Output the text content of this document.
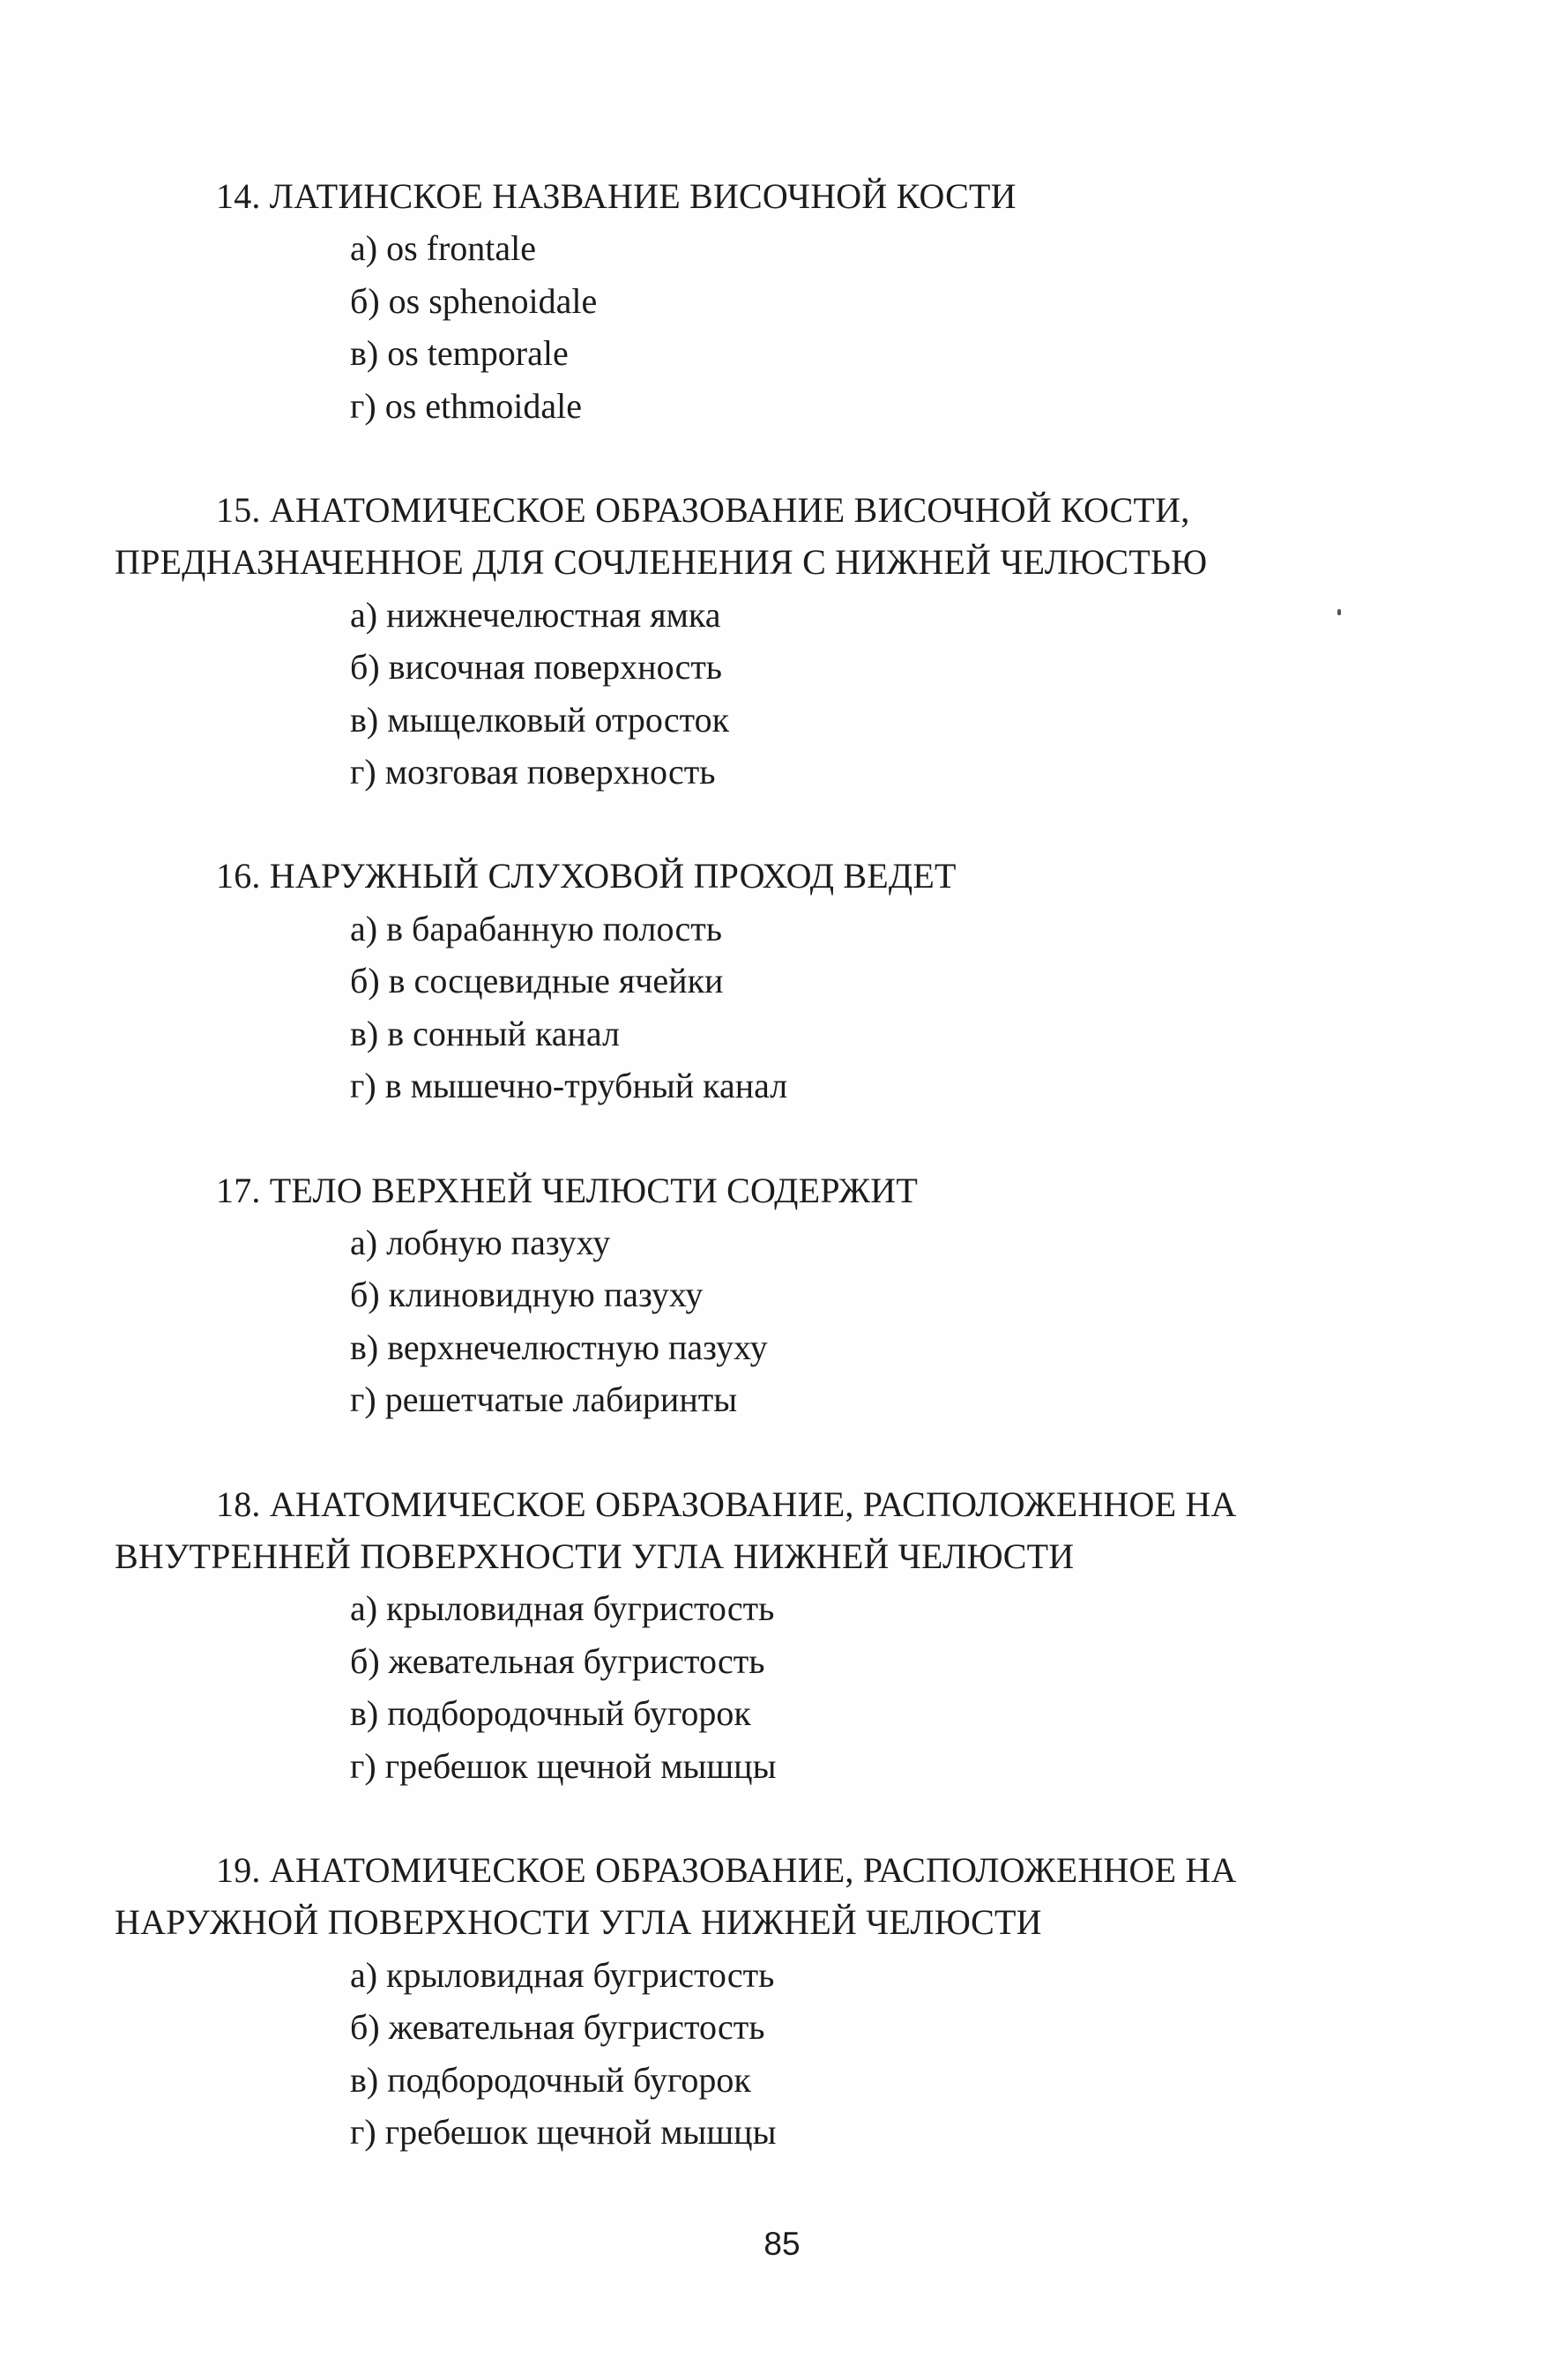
14. ЛАТИНСКОЕ НАЗВАНИЕ ВИСОЧНОЙ КОСТИ

а) os frontale
б) os sphenoidale
в) os temporale
г) os ethmoidale

15. АНАТОМИЧЕСКОЕ ОБРАЗОВАНИЕ ВИСОЧНОЙ КОСТИ, ПРЕДНАЗНАЧЕННОЕ ДЛЯ СОЧЛЕНЕНИЯ С НИЖНЕЙ ЧЕЛЮСТЬЮ

а) нижнечелюстная ямка
б) височная поверхность
в) мыщелковый отросток
г) мозговая поверхность

16. НАРУЖНЫЙ СЛУХОВОЙ ПРОХОД ВЕДЕТ

а) в барабанную полость
б) в сосцевидные ячейки
в) в сонный канал
г) в мышечно-трубный канал

17. ТЕЛО ВЕРХНЕЙ ЧЕЛЮСТИ СОДЕРЖИТ

а) лобную пазуху
б) клиновидную пазуху
в) верхнечелюстную пазуху
г) решетчатые лабиринты

18. АНАТОМИЧЕСКОЕ ОБРАЗОВАНИЕ, РАСПОЛОЖЕННОЕ НА ВНУТРЕННЕЙ ПОВЕРХНОСТИ УГЛА НИЖНЕЙ ЧЕЛЮСТИ

а) крыловидная бугристость
б) жевательная бугристость
в) подбородочный бугорок
г) гребешок щечной мышцы

19. АНАТОМИЧЕСКОЕ ОБРАЗОВАНИЕ, РАСПОЛОЖЕННОЕ НА НАРУЖНОЙ ПОВЕРХНОСТИ УГЛА НИЖНЕЙ ЧЕЛЮСТИ

а) крыловидная бугристость
б) жевательная бугристость
в) подбородочный бугорок
г) гребешок щечной мышцы
85
